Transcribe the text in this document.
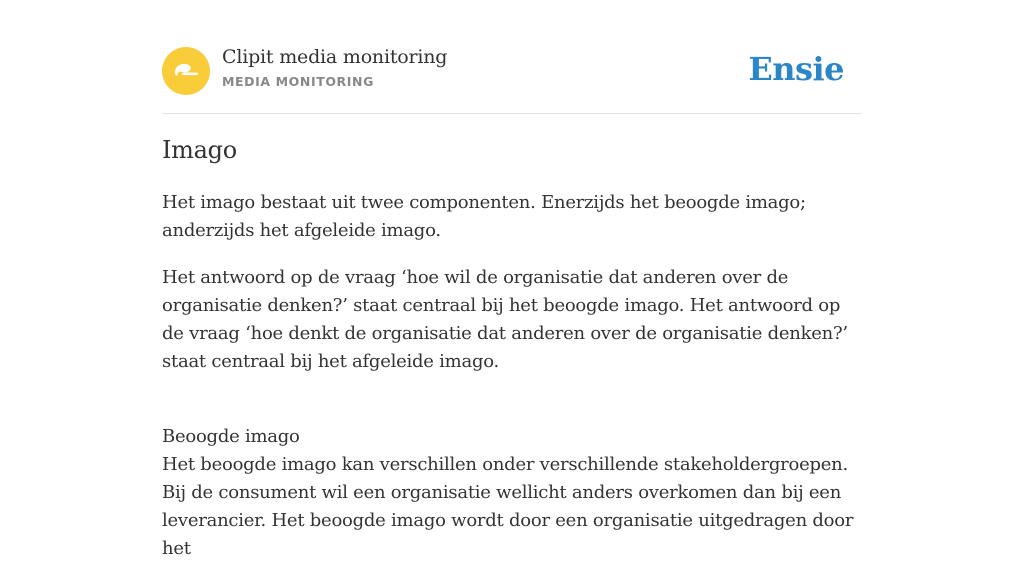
Clipit media monitoring
MEDIA MONITORING	Ensie
Imago

Het imago bestaat uit twee componenten. Enerzijds het beoogde imago; anderzijds het afgeleide imago.

Het antwoord op de vraag ‘hoe wil de organisatie dat anderen over de organisatie denken?’ staat centraal bij het beoogde imago. Het antwoord op de vraag ‘hoe denkt de organisatie dat anderen over de organisatie denken?’ staat centraal bij het afgeleide imago.

Beoogde imago
Het beoogde imago kan verschillen onder verschillende stakeholdergroepen. Bij de consument wil een organisatie wellicht anders overkomen dan bij een leverancier. Het beoogde imago wordt door een organisatie uitgedragen door het
